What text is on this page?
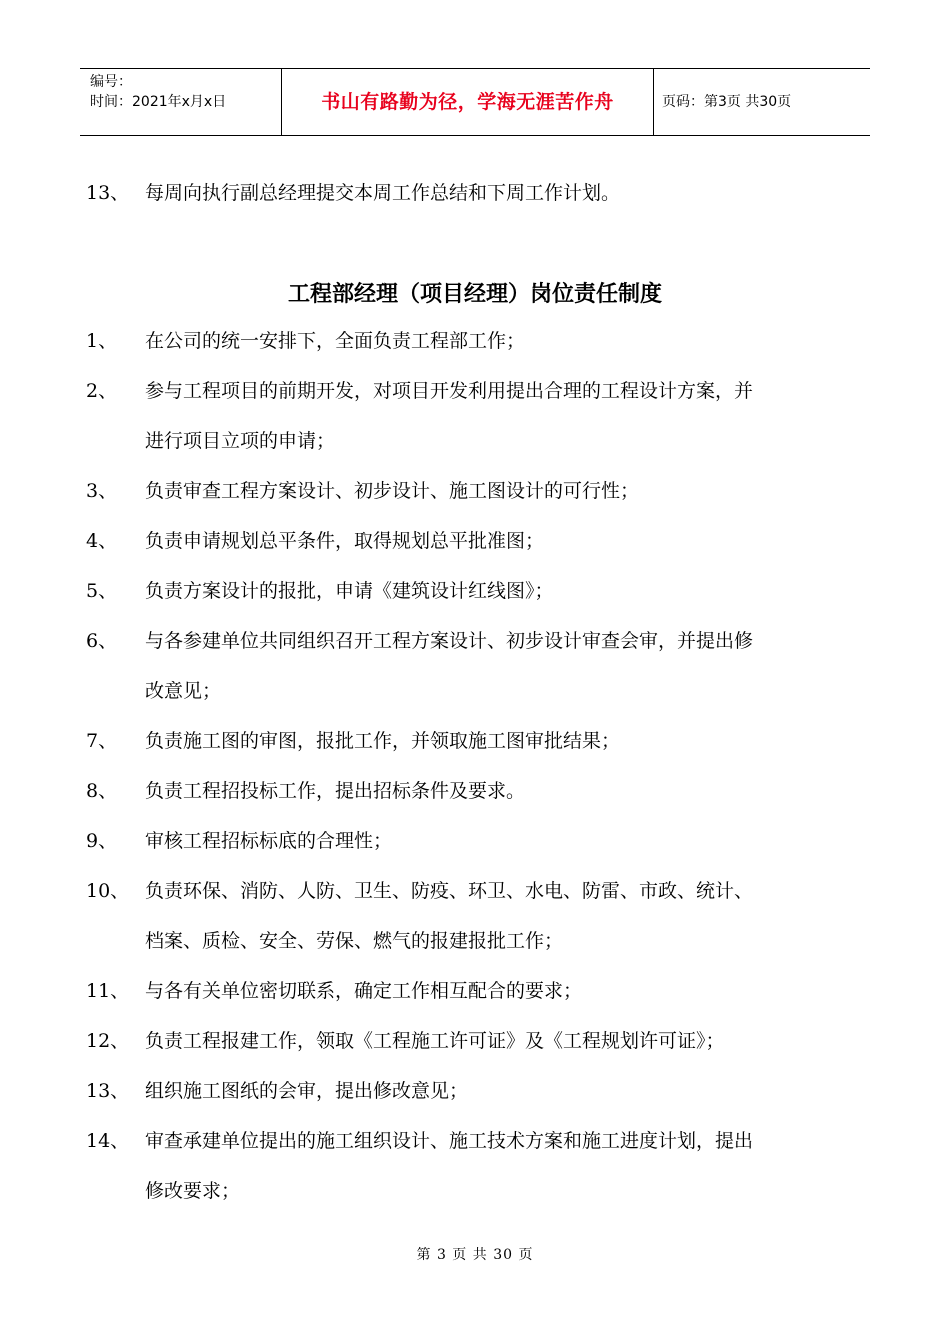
编号：
时间：2021年x月x日	书山有路勤为径，学海无涯苦作舟	页码：第3页 共30页
13、 每周向执行副总经理提交本周工作总结和下周工作计划。
工程部经理（项目经理）岗位责任制度
1、 在公司的统一安排下，全面负责工程部工作；
2、 参与工程项目的前期开发，对项目开发利用提出合理的工程设计方案，并
进行项目立项的申请；
3、 负责审查工程方案设计、初步设计、施工图设计的可行性；
4、 负责申请规划总平条件，取得规划总平批准图；
5、 负责方案设计的报批，申请《建筑设计红线图》；
6、 与各参建单位共同组织召开工程方案设计、初步设计审查会审，并提出修
改意见；
7、 负责施工图的审图，报批工作，并领取施工图审批结果；
8、 负责工程招投标工作，提出招标条件及要求。
9、 审核工程招标标底的合理性；
10、 负责环保、消防、人防、卫生、防疫、环卫、水电、防雷、市政、统计、
档案、质检、安全、劳保、燃气的报建报批工作；
11、 与各有关单位密切联系，确定工作相互配合的要求；
12、 负责工程报建工作，领取《工程施工许可证》及《工程规划许可证》；
13、 组织施工图纸的会审，提出修改意见；
14、 审查承建单位提出的施工组织设计、施工技术方案和施工进度计划，提出
修改要求；
第 3 页 共 30 页
